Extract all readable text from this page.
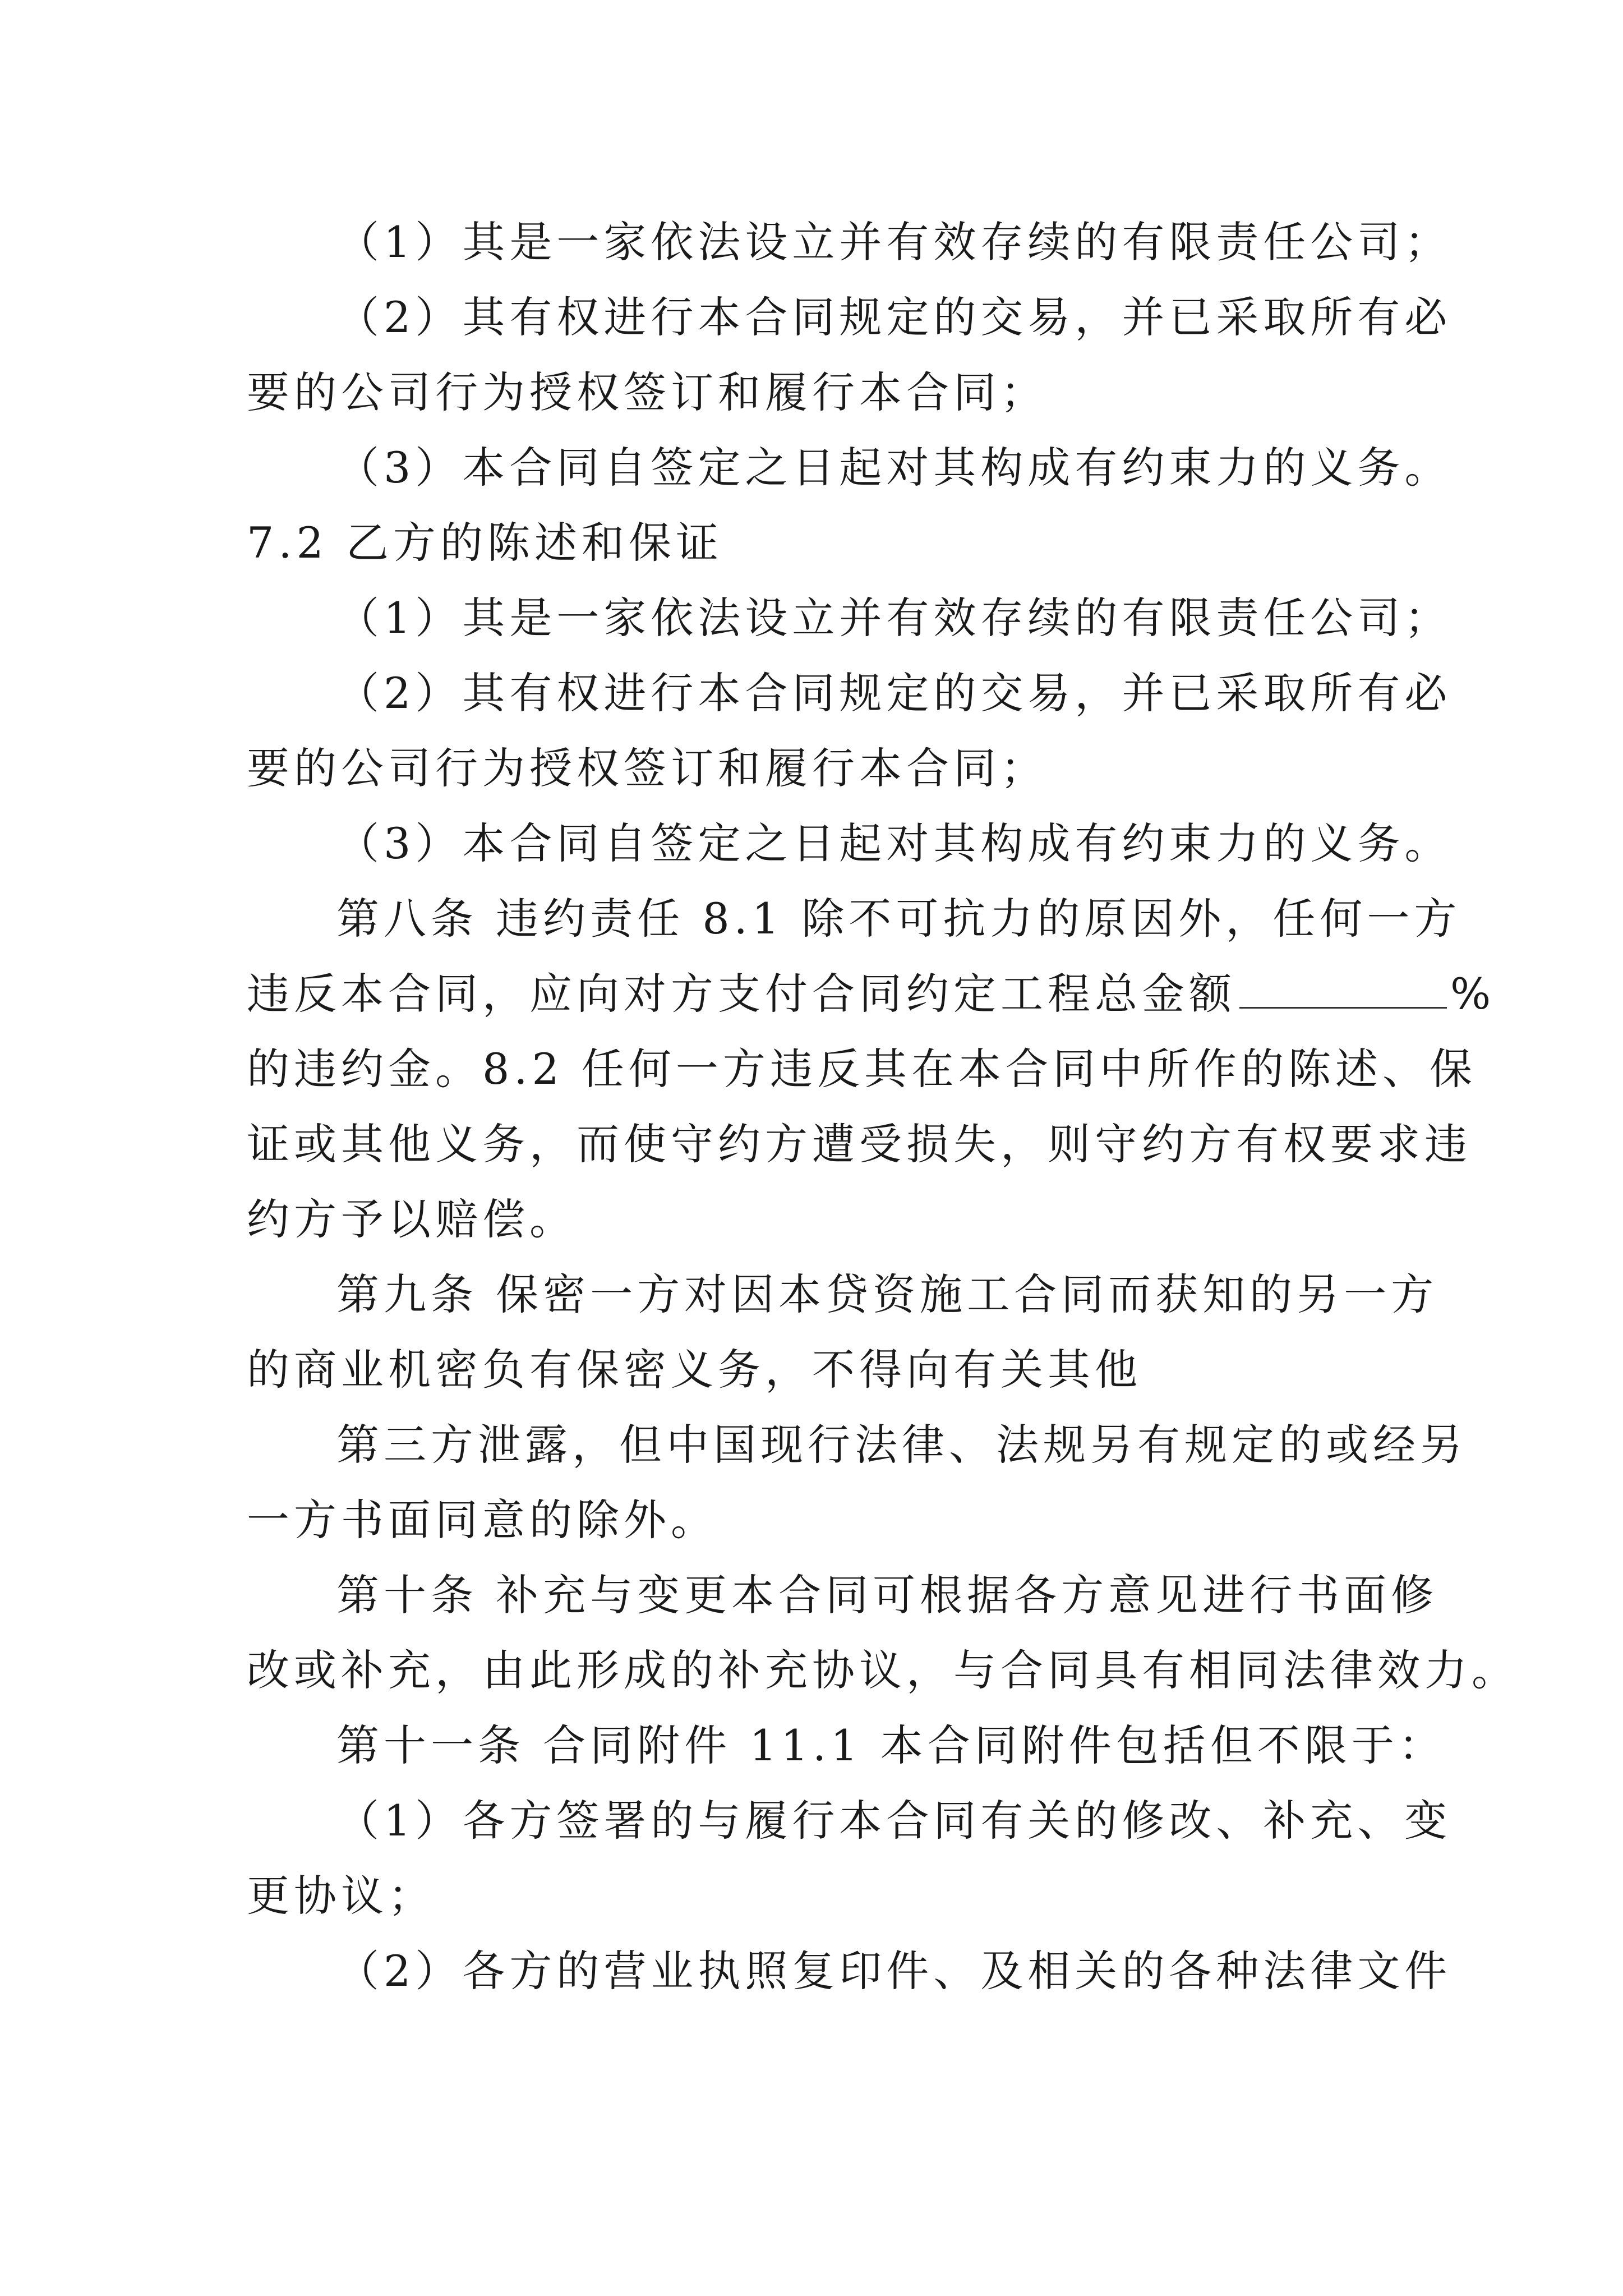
（1）其是一家依法设立并有效存续的有限责任公司；
（2）其有权进行本合同规定的交易，并已采取所有必
要的公司行为授权签订和履行本合同；
（3）本合同自签定之日起对其构成有约束力的义务。
7.2 乙方的陈述和保证
（1）其是一家依法设立并有效存续的有限责任公司；
（2）其有权进行本合同规定的交易，并已采取所有必
要的公司行为授权签订和履行本合同；
（3）本合同自签定之日起对其构成有约束力的义务。
第八条 违约责任 8.1 除不可抗力的原因外，任何一方
违反本合同，应向对方支付合同约定工程总金额	%
的违约金。8.2 任何一方违反其在本合同中所作的陈述、保
证或其他义务，而使守约方遭受损失，则守约方有权要求违
约方予以赔偿。
第九条 保密一方对因本贷资施工合同而获知的另一方
的商业机密负有保密义务，不得向有关其他
第三方泄露，但中国现行法律、法规另有规定的或经另
一方书面同意的除外。
第十条 补充与变更本合同可根据各方意见进行书面修
改或补充，由此形成的补充协议，与合同具有相同法律效力。
第十一条 合同附件 11.1 本合同附件包括但不限于：
（1）各方签署的与履行本合同有关的修改、补充、变
更协议；
（2）各方的营业执照复印件、及相关的各种法律文件
